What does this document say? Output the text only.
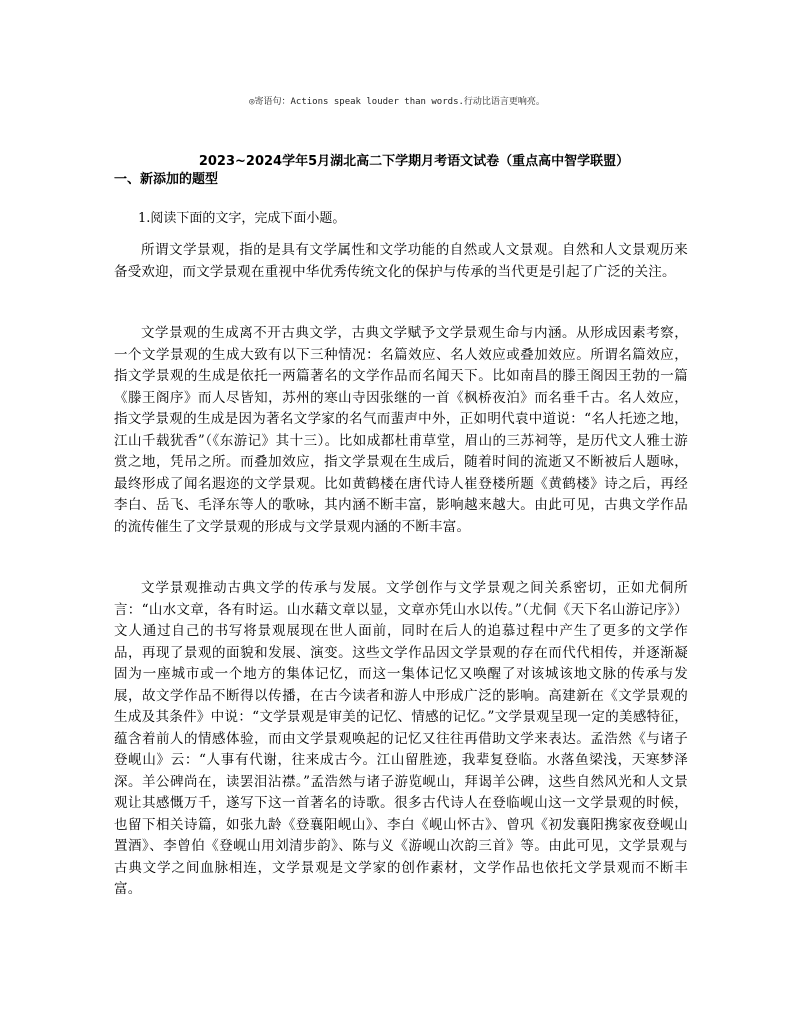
◎寄语句：Actions speak louder than words.行动比语言更响亮。
2023~2024学年5月湖北高二下学期月考语文试卷（重点高中智学联盟）
一、新添加的题型
1.阅读下面的文字，完成下面小题。

所谓文学景观，指的是具有文学属性和文学功能的自然或人文景观。自然和人文景观历来备受欢迎，而文学景观在重视中华优秀传统文化的保护与传承的当代更是引起了广泛的关注。

文学景观的生成离不开古典文学，古典文学赋予文学景观生命与内涵。从形成因素考察，一个文学景观的生成大致有以下三种情况：名篇效应、名人效应或叠加效应。所谓名篇效应，指文学景观的生成是依托一两篇著名的文学作品而名闻天下。比如南昌的滕王阁因王勃的一篇《滕王阁序》而人尽皆知，苏州的寒山寺因张继的一首《枫桥夜泊》而名垂千古。名人效应，指文学景观的生成是因为著名文学家的名气而蜚声中外，正如明代袁中道说：“名人托迹之地，江山千载犹香”（《东游记》其十三）。比如成都杜甫草堂，眉山的三苏祠等，是历代文人雅士游赏之地，凭吊之所。而叠加效应，指文学景观在生成后，随着时间的流逝又不断被后人题咏，最终形成了闻名遐迩的文学景观。比如黄鹤楼在唐代诗人崔登楼所题《黄鹤楼》诗之后，再经李白、岳飞、毛泽东等人的歌咏，其内涵不断丰富，影响越来越大。由此可见，古典文学作品的流传催生了文学景观的形成与文学景观内涵的不断丰富。

文学景观推动古典文学的传承与发展。文学创作与文学景观之间关系密切，正如尤侗所言：“山水文章，各有时运。山水藉文章以显，文章亦凭山水以传。”（尤侗《天下名山游记序》）文人通过自己的书写将景观展现在世人面前，同时在后人的追慕过程中产生了更多的文学作品，再现了景观的面貌和发展、演变。这些文学作品因文学景观的存在而代代相传，并逐渐凝固为一座城市或一个地方的集体记忆，而这一集体记忆又唤醒了对该城该地文脉的传承与发展，故文学作品不断得以传播，在古今读者和游人中形成广泛的影响。高建新在《文学景观的生成及其条件》中说：“文学景观是审美的记忆、情感的记忆。”文学景观呈现一定的美感特征，蕴含着前人的情感体验，而由文学景观唤起的记忆又往往再借助文学来表达。孟浩然《与诸子登岘山》云：“人事有代谢，往来成古今。江山留胜迹，我辈复登临。水落鱼梁浅，天寒梦泽深。羊公碑尚在，读罢泪沾襟。”孟浩然与诸子游览岘山，拜谒羊公碑，这些自然风光和人文景观让其感慨万千，遂写下这一首著名的诗歌。很多古代诗人在登临岘山这一文学景观的时候，也留下相关诗篇，如张九龄《登襄阳岘山》、李白《岘山怀古》、曾巩《初发襄阳携家夜登岘山置酒》、李曾伯《登岘山用刘清步韵》、陈与义《游岘山次韵三首》等。由此可见，文学景观与古典文学之间血脉相连，文学景观是文学家的创作素材，文学作品也依托文学景观而不断丰富。
